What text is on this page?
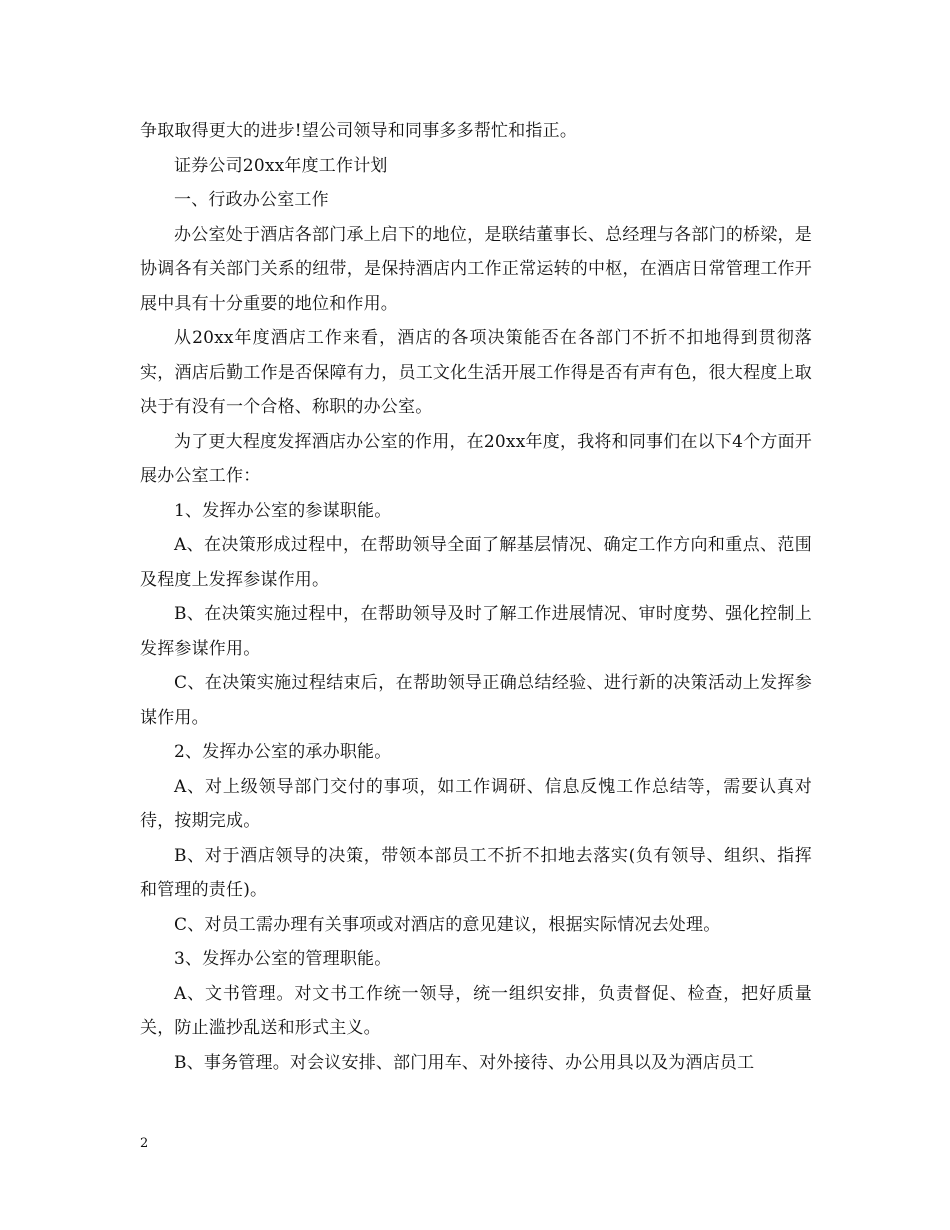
争取取得更大的进步!望公司领导和同事多多帮忙和指正。

证券公司20xx年度工作计划

一、行政办公室工作

办公室处于酒店各部门承上启下的地位，是联结董事长、总经理与各部门的桥梁，是协调各有关部门关系的纽带，是保持酒店内工作正常运转的中枢，在酒店日常管理工作开展中具有十分重要的地位和作用。

从20xx年度酒店工作来看，酒店的各项决策能否在各部门不折不扣地得到贯彻落实，酒店后勤工作是否保障有力，员工文化生活开展工作得是否有声有色，很大程度上取决于有没有一个合格、称职的办公室。

为了更大程度发挥酒店办公室的作用，在20xx年度，我将和同事们在以下4个方面开展办公室工作：

1、发挥办公室的参谋职能。

A、在决策形成过程中，在帮助领导全面了解基层情况、确定工作方向和重点、范围及程度上发挥参谋作用。

B、在决策实施过程中，在帮助领导及时了解工作进展情况、审时度势、强化控制上发挥参谋作用。

C、在决策实施过程结束后，在帮助领导正确总结经验、进行新的决策活动上发挥参谋作用。

2、发挥办公室的承办职能。

A、对上级领导部门交付的事项，如工作调研、信息反愧工作总结等，需要认真对待，按期完成。

B、对于酒店领导的决策，带领本部员工不折不扣地去落实(负有领导、组织、指挥和管理的责任)。

C、对员工需办理有关事项或对酒店的意见建议，根据实际情况去处理。

3、发挥办公室的管理职能。

A、文书管理。对文书工作统一领导，统一组织安排，负责督促、检查，把好质量关，防止滥抄乱送和形式主义。

B、事务管理。对会议安排、部门用车、对外接待、办公用具以及为酒店员工

2
